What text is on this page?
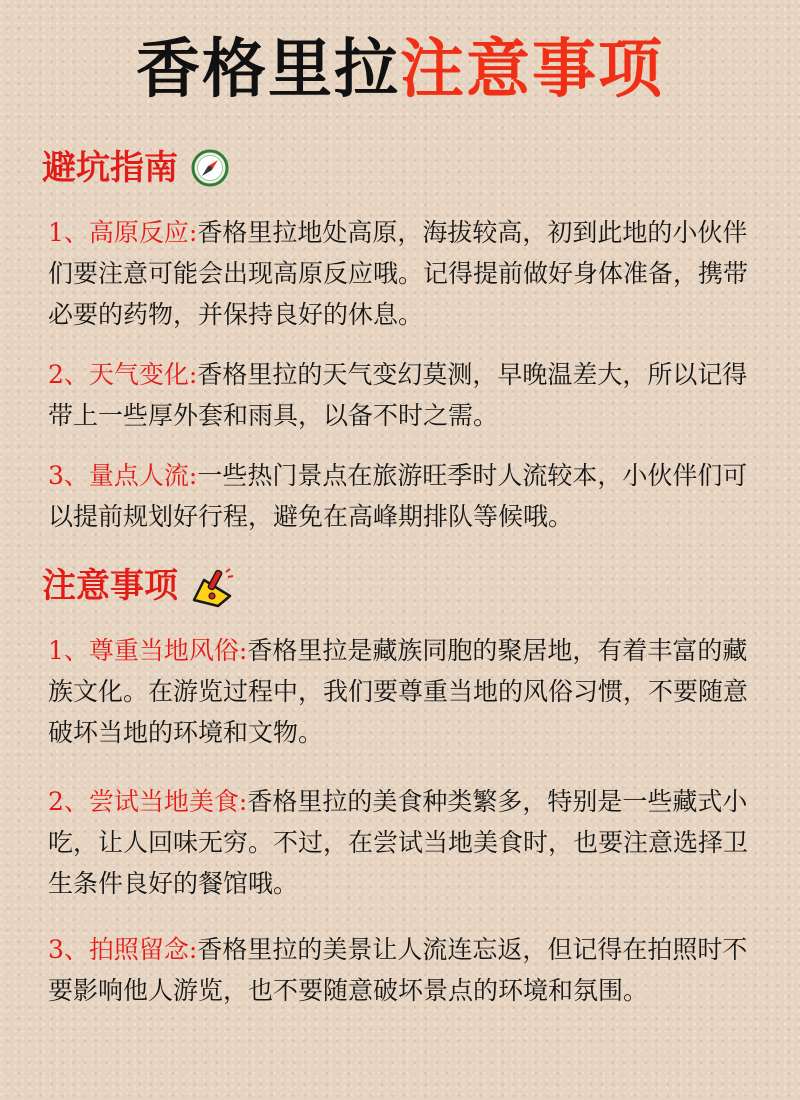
香格里拉注意事项
避坑指南
1、高原反应:香格里拉地处高原，海拔较高，初到此地的小伙伴们要注意可能会出现高原反应哦。记得提前做好身体准备，携带必要的药物，并保持良好的休息。
2、天气变化:香格里拉的天气变幻莫测，早晚温差大，所以记得带上一些厚外套和雨具，以备不时之需。
3、量点人流:一些热门景点在旅游旺季时人流较本，小伙伴们可以提前规划好行程，避免在高峰期排队等候哦。
注意事项
1、尊重当地风俗:香格里拉是藏族同胞的聚居地，有着丰富的藏族文化。在游览过程中，我们要尊重当地的风俗习惯，不要随意破坏当地的环境和文物。
2、尝试当地美食:香格里拉的美食种类繁多，特别是一些藏式小吃，让人回味无穷。不过，在尝试当地美食时，也要注意选择卫生条件良好的餐馆哦。
3、拍照留念:香格里拉的美景让人流连忘返，但记得在拍照时不要影响他人游览，也不要随意破坏景点的环境和氛围。
